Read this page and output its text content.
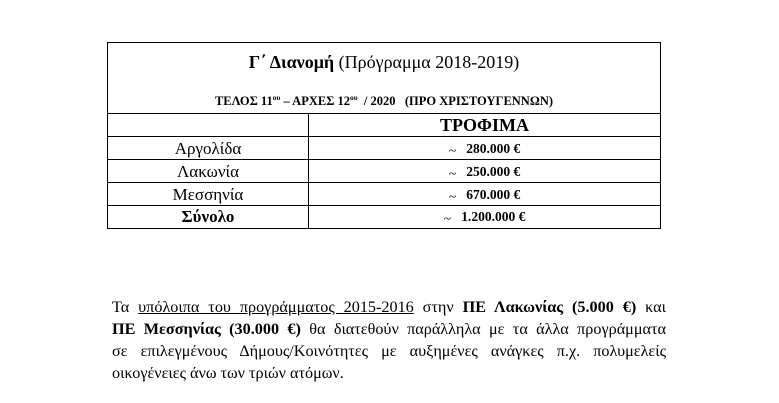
Γ΄ Διανομή (Πρόγραμμα 2018-2019)
ΤΕΛΟΣ $11^{o\upsilon}$ – ΑΡΧΕΣ $12^{o\upsilon} / 2020$   (ΠΡΟ ΧΡΙΣΤΟΥΓΕΝΝΩΝ)
ΤΡΟΦΙΜΑ
Αργολίδα	~ 280.000 €
Λακωνία	~ 250.000 €
Μεσσηνία	~ 670.000 €
Σύνολο	~ 1.200.000 €
Τα υπόλοιπα του προγράμματος 2015-2016 στην ΠΕ Λακωνίας (5.000 €) και
ΠΕ Μεσσηνίας (30.000 €) θα διατεθούν παράλληλα με τα άλλα προγράμματα
σε επιλεγμένους Δήμους/Κοινότητες με αυξημένες ανάγκες π.χ. πολυμελείς
οικογένειες άνω των τριών ατόμων.
